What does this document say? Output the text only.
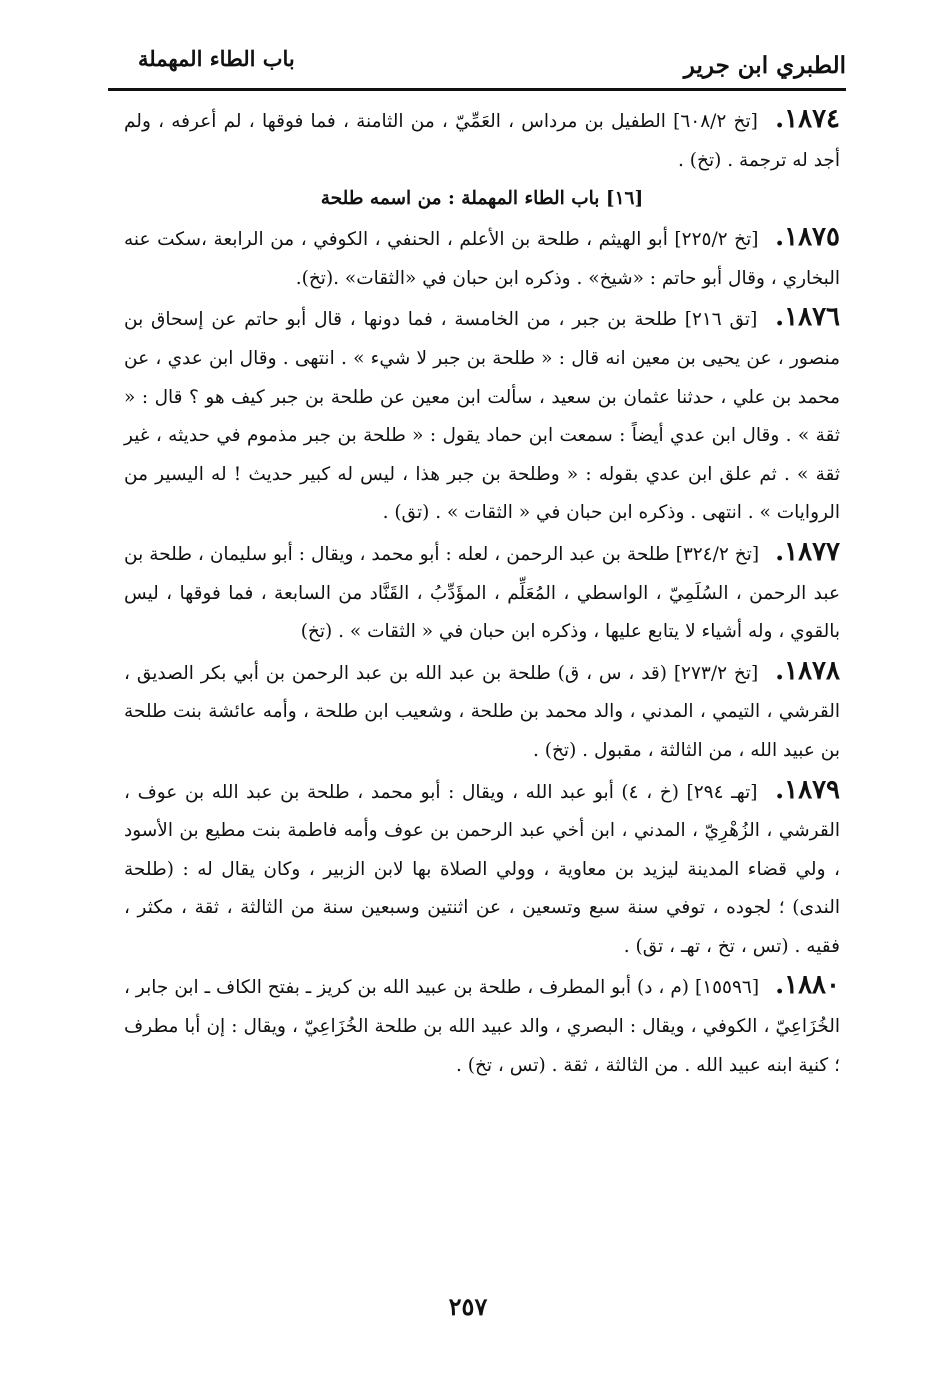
الطبري ابن جرير
باب الطاء المهملة

١٨٧٤. [تخ ٦٠٨/٢] الطفيل بن مرداس ، العَمِّيّ ، من الثامنة ، فما فوقها ، لم أعرفه ، ولم أجد له ترجمة . (تخ) .

[١٦] باب الطاء المهملة : من اسمه طلحة

١٨٧٥. [تخ ٢٢٥/٢] أبو الهيثم ، طلحة بن الأعلم ، الحنفي ، الكوفي ، من الرابعة ،سكت عنه البخاري ، وقال أبو حاتم : «شيخ» . وذكره ابن حبان في «الثقات» .(تخ).

١٨٧٦. [تق ٢١٦] طلحة بن جبر ، من الخامسة ، فما دونها ، قال أبو حاتم عن إسحاق بن منصور ، عن يحيى بن معين انه قال : « طلحة بن جبر لا شيء » . انتهى . وقال ابن عدي ، عن محمد بن علي ، حدثنا عثمان بن سعيد ، سألت ابن معين عن طلحة بن جبر كيف هو ؟ قال : « ثقة » . وقال ابن عدي أيضاً : سمعت ابن حماد يقول : « طلحة بن جبر مذموم في حديثه ، غير ثقة » . ثم علق ابن عدي بقوله : « وطلحة بن جبر هذا ، ليس له كبير حديث ! له اليسير من الروايات » . انتهى . وذكره ابن حبان في « الثقات » . (تق) .

١٨٧٧. [تخ ٣٢٤/٢] طلحة بن عبد الرحمن ، لعله : أبو محمد ، ويقال : أبو سليمان ، طلحة بن عبد الرحمن ، السُلَمِيّ ، الواسطي ، المُعَلِّم ، المؤَدِّبُ ، القَنَّاد من السابعة ، فما فوقها ، ليس بالقوي ، وله أشياء لا يتابع عليها ، وذكره ابن حبان في « الثقات » . (تخ)

١٨٧٨. [تخ ٢٧٣/٢] (قد ، س ، ق) طلحة بن عبد الله بن عبد الرحمن بن أبي بكر الصديق ، القرشي ، التيمي ، المدني ، والد محمد بن طلحة ، وشعيب ابن طلحة ، وأمه عائشة بنت طلحة بن عبيد الله ، من الثالثة ، مقبول . (تخ) .

١٨٧٩. [تهـ ٢٩٤] (خ ، ٤) أبو عبد الله ، ويقال : أبو محمد ، طلحة بن عبد الله بن عوف ، القرشي ، الزُهْرِيّ ، المدني ، ابن أخي عبد الرحمن بن عوف وأمه فاطمة بنت مطيع بن الأسود ، ولي قضاء المدينة ليزيد بن معاوية ، وولي الصلاة بها لابن الزبير ، وكان يقال له : (طلحة الندى) ؛ لجوده ، توفي سنة سبع وتسعين ، عن اثنتين وسبعين سنة من الثالثة ، ثقة ، مكثر ، فقيه . (تس ، تخ ، تهـ ، تق) .

١٨٨٠. [١٥٥٩٦] (م ، د) أبو المطرف ، طلحة بن عبيد الله بن كريز ـ بفتح الكاف ـ ابن جابر ، الخُزَاعِيّ ، الكوفي ، ويقال : البصري ، والد عبيد الله بن طلحة الخُزَاعِيّ ، ويقال : إن أبا مطرف ؛ كنية ابنه عبيد الله . من الثالثة ، ثقة . (تس ، تخ) .

٢٥٧
